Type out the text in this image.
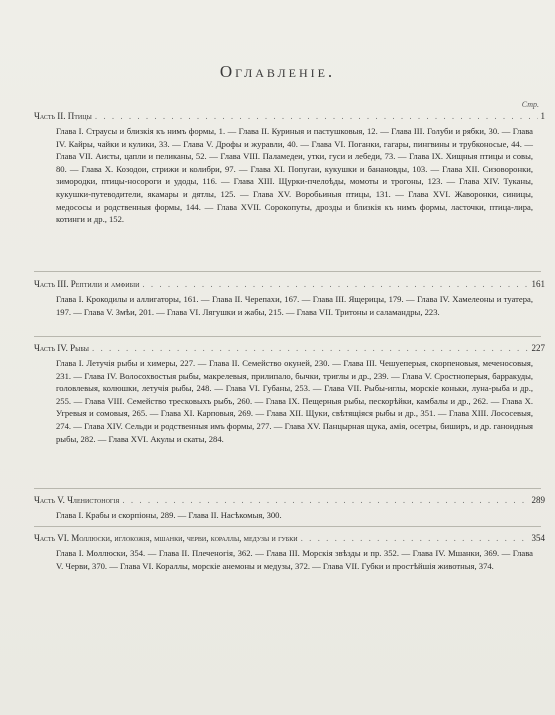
Оглавленіе.
Стр.
Часть II. Птицы . . .	1
Глава I. Страусы и близкія къ нимъ формы, 1. — Глава II. Куриныя и пастушковыя, 12. — Глава III. Голуби и рябки, 30. — Глава IV. Кайры, чайки и кулики, 33. — Глава V. Дрофы и журавли, 40. — Глава VI. Поганки, гагары, пингвины и трубконосые, 44. — Глава VII. Аисты, цапли и пеликаны, 52. — Глава VIII. Паламедеи, утки, гуси и лебеди, 73. — Глава IX. Хищныя птицы и совы, 80. — Глава X. Козодои, стрижи и колибри, 97. — Глава XI. Попугаи, кукушки и банановды, 103. — Глава XII. Сизоворонки, зимородки, птицы-носороги и удоды, 116. — Глава XIII. Щурки-пчелоѣды, момоты и трогоны, 123. — Глава XIV. Туканы, кукушки-путеводители, якамары и дятлы, 125. — Глава XV. Воробьиныя птицы, 131. — Глава XVI. Жаворонки, синицы, медососы и родственныя формы, 144. — Глава XVII. Сорокопуты, дрозды и близкія къ нимъ формы, ласточки, птица-лира, котинги и др., 152.
Часть III. Рептиліи и амфибіи . . .	161
Глава I. Крокодилы и аллигаторы, 161. — Глава II. Черепахи, 167. — Глава III. Ящерицы, 179. — Глава IV. Хамелеоны и туатера, 197. — Глава V. Змѣи, 201. — Глава VI. Лягушки и жабы, 215. — Глава VII. Тритоны и саламандры, 223.
Часть IV. Рыбы . . .	227
Глава I. Летучія рыбы и химеры, 227. — Глава II. Семейство окуней, 230. — Глава III. Чешуеперыя, скорпеновыя, меченосовыя, 231. — Глава IV. Волосохвостыя рыбы, макрелевыя, прилипало, бычки, триглы и др., 239. — Глава V. Сростноперыя, барракуды, головлевыя, колюшки, летучія рыбы, 248. — Глава VI. Губаны, 253. — Глава VII. Рыбы-иглы, морскіе коньки, луна-рыба и др., 255. — Глава VIII. Семейство тресковыхъ рыбъ, 260. — Глава IX. Пещерныя рыбы, пескорѣйки, камбалы и др., 262. — Глава X. Угревыя и сомовыя, 265. — Глава XI. Карповыя, 269. — Глава XII. Щуки, свѣтящіяся рыбы и др., 351. — Глава XIII. Лососевыя, 274. — Глава XIV. Сельди и родственныя имъ формы, 277. — Глава XV. Панцырная щука, амія, осетры, биширъ, и др. ганоидныя рыбы, 282. — Глава XVI. Акулы и скаты, 284.
Часть V. Членистоногія . . .	289
Глава I. Крабы и скорпіоны, 289. — Глава II. Насѣкомыя, 300.
Часть VI. Моллюски, иглокожія, мшанки, черви, кораллы, медузы и губки . . .	354
Глава I. Моллюски, 354. — Глава II. Плеченогія, 362. — Глава III. Морскія звѣзды и пр. 352. — Глава IV. Мшанки, 369. — Глава V. Черви, 370. — Глава VI. Кораллы, морскіе анемоны и медузы, 372. — Глава VII. Губки и простѣйшія животныя, 374.
